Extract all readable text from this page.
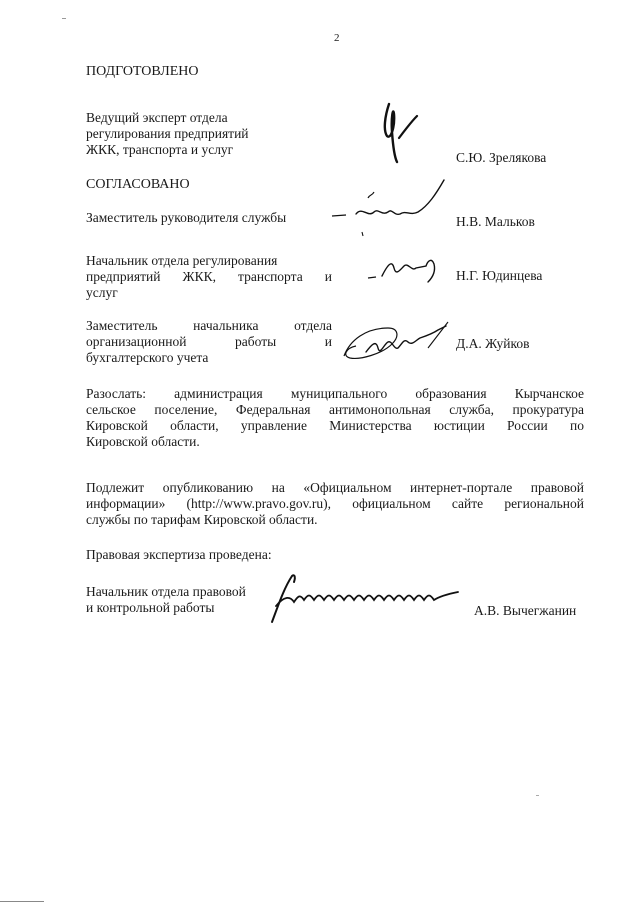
2
ПОДГОТОВЛЕНО
Ведущий эксперт отдела
регулирования предприятий
ЖКК, транспорта и услуг
С.Ю. Зрелякова
СОГЛАСОВАНО
Заместитель руководителя службы	Н.В. Мальков
Начальник отдела регулирования
предприятий ЖКК, транспорта и
услуг
Н.Г. Юдинцева
Заместитель начальника отдела
организационной работы и
бухгалтерского учета
Д.А. Жуйков
Разослать: администрация муниципального образования Кырчанское
сельское поселение, Федеральная антимонопольная служба, прокуратура
Кировской области, управление Министерства юстиции России по
Кировской области.
Подлежит опубликованию на «Официальном интернет-портале правовой
информации» (http://www.pravo.gov.ru), официальном сайте региональной
службы по тарифам Кировской области.
Правовая экспертиза проведена:
Начальник отдела правовой
и контрольной работы	А.В. Вычегжанин
